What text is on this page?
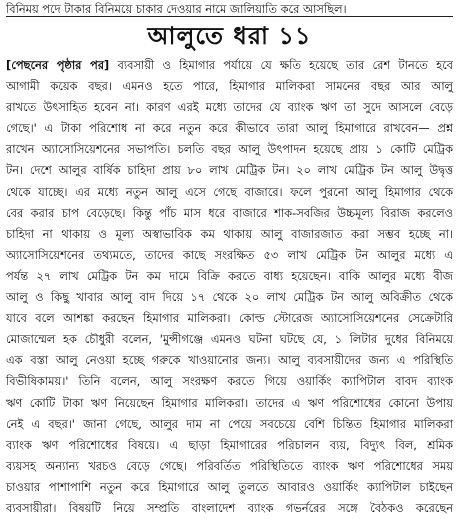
বিনিময় পদে টাকার বিনিময়ে চাকার দেওয়ার নামে জালিয়াতি করে আসছিল।
আলুতে ধরা ১১
[পেছনের পৃষ্ঠার পর] ব্যবসায়ী ও হিমাগার পর্যায়ে যে ক্ষতি হয়েছে তার রেশ টানতে হবে
আগামী কয়েক বছর। এমনও হতে পারে, হিমাগার মালিকরা সামনের বছর আর আলু
রাখতে উৎসাহিত হবেন না। কারণ এরই মধ্যে তাদের যে ব্যাংক ঋণ তা সুদে আসলে বেড়ে
গেছে।' এ টাকা পরিশোধ না করে নতুন করে কীভাবে তারা আলু হিমাগারে রাখবেন— প্রশ্ন
রাখেন অ্যাসোসিয়েশনের সভাপতি। চলতি বছর আলু উৎপাদন হয়েছে প্রায় ১ কোটি মেট্রিক
টন। দেশে আলুর বার্ষিক চাহিদা প্রায় ৮০ লাখ মেট্রিক টন। ২০ লাখ মেট্রিক টন আলু উদ্বৃত্ত
থেকে যাচ্ছে। এর মধ্যে নতুন আলু এসে গেছে বাজারে। ফলে পুরনো আলু হিমাগার থেকে
বের করার চাপ বেড়েছে। কিন্তু পাঁচ মাস ধরে বাজারে শাক-সবজির উচ্চমূল্য বিরাজ করলেও
চাহিদা না থাকায় ও মূল্য অস্বাভাবিক কম থাকায় আলু বাজারজাত করা সম্ভব হচ্ছে না।
অ্যাসোসিয়েশনের তথ্যমতে, তাদের কাছে সংরক্ষিত ৫৩ লাখ মেট্রিক টন আলুর মধ্যে এ
পর্যন্ত ২৭ লাখ মেট্রিক টন কম দামে বিক্রি করতে বাধ্য হয়েছেন। বাকি আলুর মধ্যে বীজ
আলু ও কিছু খাবার আলু বাদ দিয়ে ১৭ থেকে ২০ লাখ মেট্রিক টন আলু অবিক্রীত থেকে
যাবে বলে আশঙ্কা করছেন হিমাগার মালিকরা। কোল্ড স্টোরেজ অ্যাসোসিয়েশনের সেক্রেটারি
মোজাম্মেল হক চৌধুরী বলেন, 'মুন্সীগঞ্জে এমনও ঘটনা ঘটছে যে, ১ লিটার দুধের বিনিময়ে
এক বস্তা আলু নেওয়া হচ্ছে গরুকে খাওয়ানোর জন্য। আলু ব্যবসায়ীদের জন্য এ পরিস্থিতি
বিভীষিকাময়।' তিনি বলেন, আলু সংরক্ষণ করতে গিয়ে ওয়ার্কিং ক্যাপিটাল বাবদ ব্যাংক
ঋণ কোটি টাকা ঋণ নিয়েছেন হিমাগার মালিকরা। তাদের এ ঋণ পরিশোধের কোনো উপায়
নেই এ বছর।' জানা গেছে, আলুর দাম না পেয়ে সবচেয়ে বেশি চিন্তিত হিমাগার মালিকরা
ব্যাংক ঋণ পরিশোধের বিষয়ে। এ ছাড়া হিমাগারের পরিচালন ব্যয়, বিদ্যুৎ বিল, শ্রমিক
ব্যয়সহ অন্যান্য খরচও বেড়ে গেছে। পরিবর্তিত পরিস্থিতিতে ব্যাংক ঋণ পরিশোধের সময়
চাওয়ার পাশাপাশি নতুন করে হিমাগারে আলু তুলতে আবারও ওয়ার্কিং ক্যাপিটাল চাইছেন
ব্যবসায়ীরা। বিষয়টি নিয়ে সম্প্রতি বাংলাদেশ ব্যাংক গভর্নরের সঙ্গে বৈঠকও করেছেন
